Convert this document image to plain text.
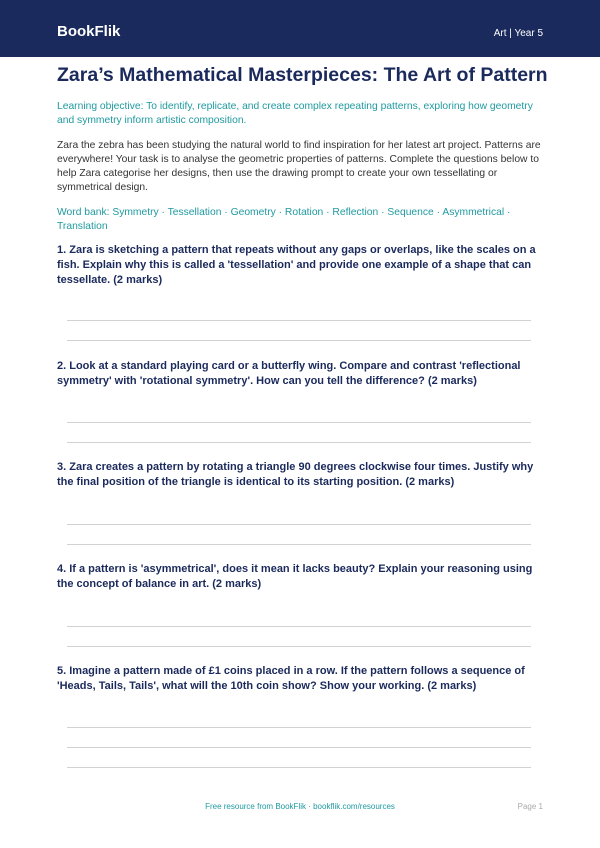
BookFlik	Art | Year 5
Zara’s Mathematical Masterpieces: The Art of Pattern

Learning objective: To identify, replicate, and create complex repeating patterns, exploring how geometry and symmetry inform artistic composition.

Zara the zebra has been studying the natural world to find inspiration for her latest art project. Patterns are everywhere! Your task is to analyse the geometric properties of patterns. Complete the questions below to help Zara categorise her designs, then use the drawing prompt to create your own tessellating or symmetrical design.

Word bank: Symmetry · Tessellation · Geometry · Rotation · Reflection · Sequence · Asymmetrical · Translation

1. Zara is sketching a pattern that repeats without any gaps or overlaps, like the scales on a fish. Explain why this is called a 'tessellation' and provide one example of a shape that can tessellate. (2 marks)
2. Look at a standard playing card or a butterfly wing. Compare and contrast 'reflectional symmetry' with 'rotational symmetry'. How can you tell the difference? (2 marks)
3. Zara creates a pattern by rotating a triangle 90 degrees clockwise four times. Justify why the final position of the triangle is identical to its starting position. (2 marks)
4. If a pattern is 'asymmetrical', does it mean it lacks beauty? Explain your reasoning using the concept of balance in art. (2 marks)
5. Imagine a pattern made of £1 coins placed in a row. If the pattern follows a sequence of 'Heads, Tails, Tails', what will the 10th coin show? Show your working. (2 marks)
Free resource from BookFlik · bookflik.com/resources	Page 1
